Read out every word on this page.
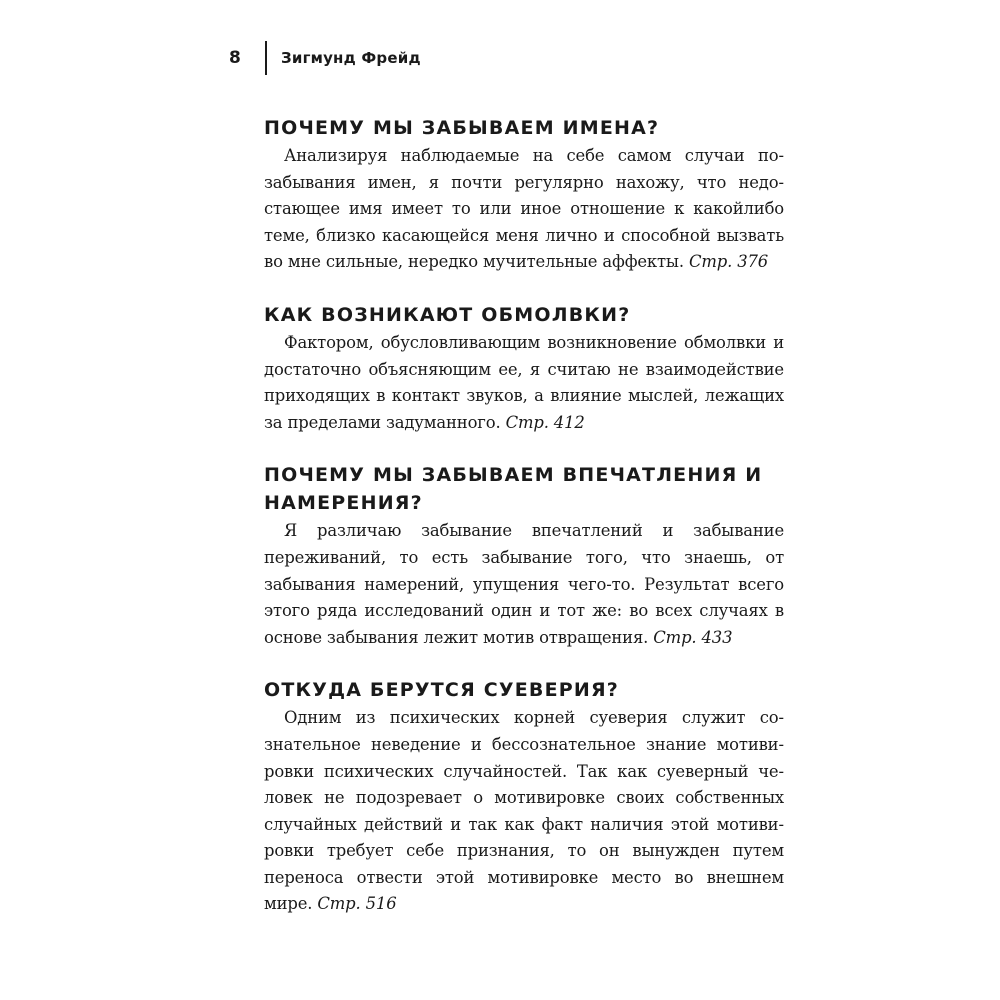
8	Зигмунд Фрейд
ПОЧЕМУ МЫ ЗАБЫВАЕМ ИМЕНА?

Анализируя наблюдаемые на себе самом случаи позабывания имен, я почти регулярно нахожу, что недостающее имя имеет то или иное отношение к какойлибо теме, близко касающейся меня лично и способной вызвать во мне сильные, нередко мучительные аффекты. Стр. 376

КАК ВОЗНИКАЮТ ОБМОЛВКИ?

Фактором, обусловливающим возникновение обмолвки и достаточно объясняющим ее, я считаю не взаимодействие приходящих в контакт звуков, а влияние мыслей, лежащих за пределами задуманного. Стр. 412

ПОЧЕМУ МЫ ЗАБЫВАЕМ ВПЕЧАТЛЕНИЯ И НАМЕРЕНИЯ?

Я различаю забывание впечатлений и забывание переживаний, то есть забывание того, что знаешь, от забывания намерений, упущения чего-то. Результат всего этого ряда исследований один и тот же: во всех случаях в основе забывания лежит мотив отвращения. Стр. 433

ОТКУДА БЕРУТСЯ СУЕВЕРИЯ?

Одним из психических корней суеверия служит сознательное неведение и бессознательное знание мотивировки психических случайностей. Так как суеверный человек не подозревает о мотивировке своих собственных случайных действий и так как факт наличия этой мотивировки требует себе признания, то он вынужден путем переноса отвести этой мотивировке место во внешнем мире. Стр. 516
